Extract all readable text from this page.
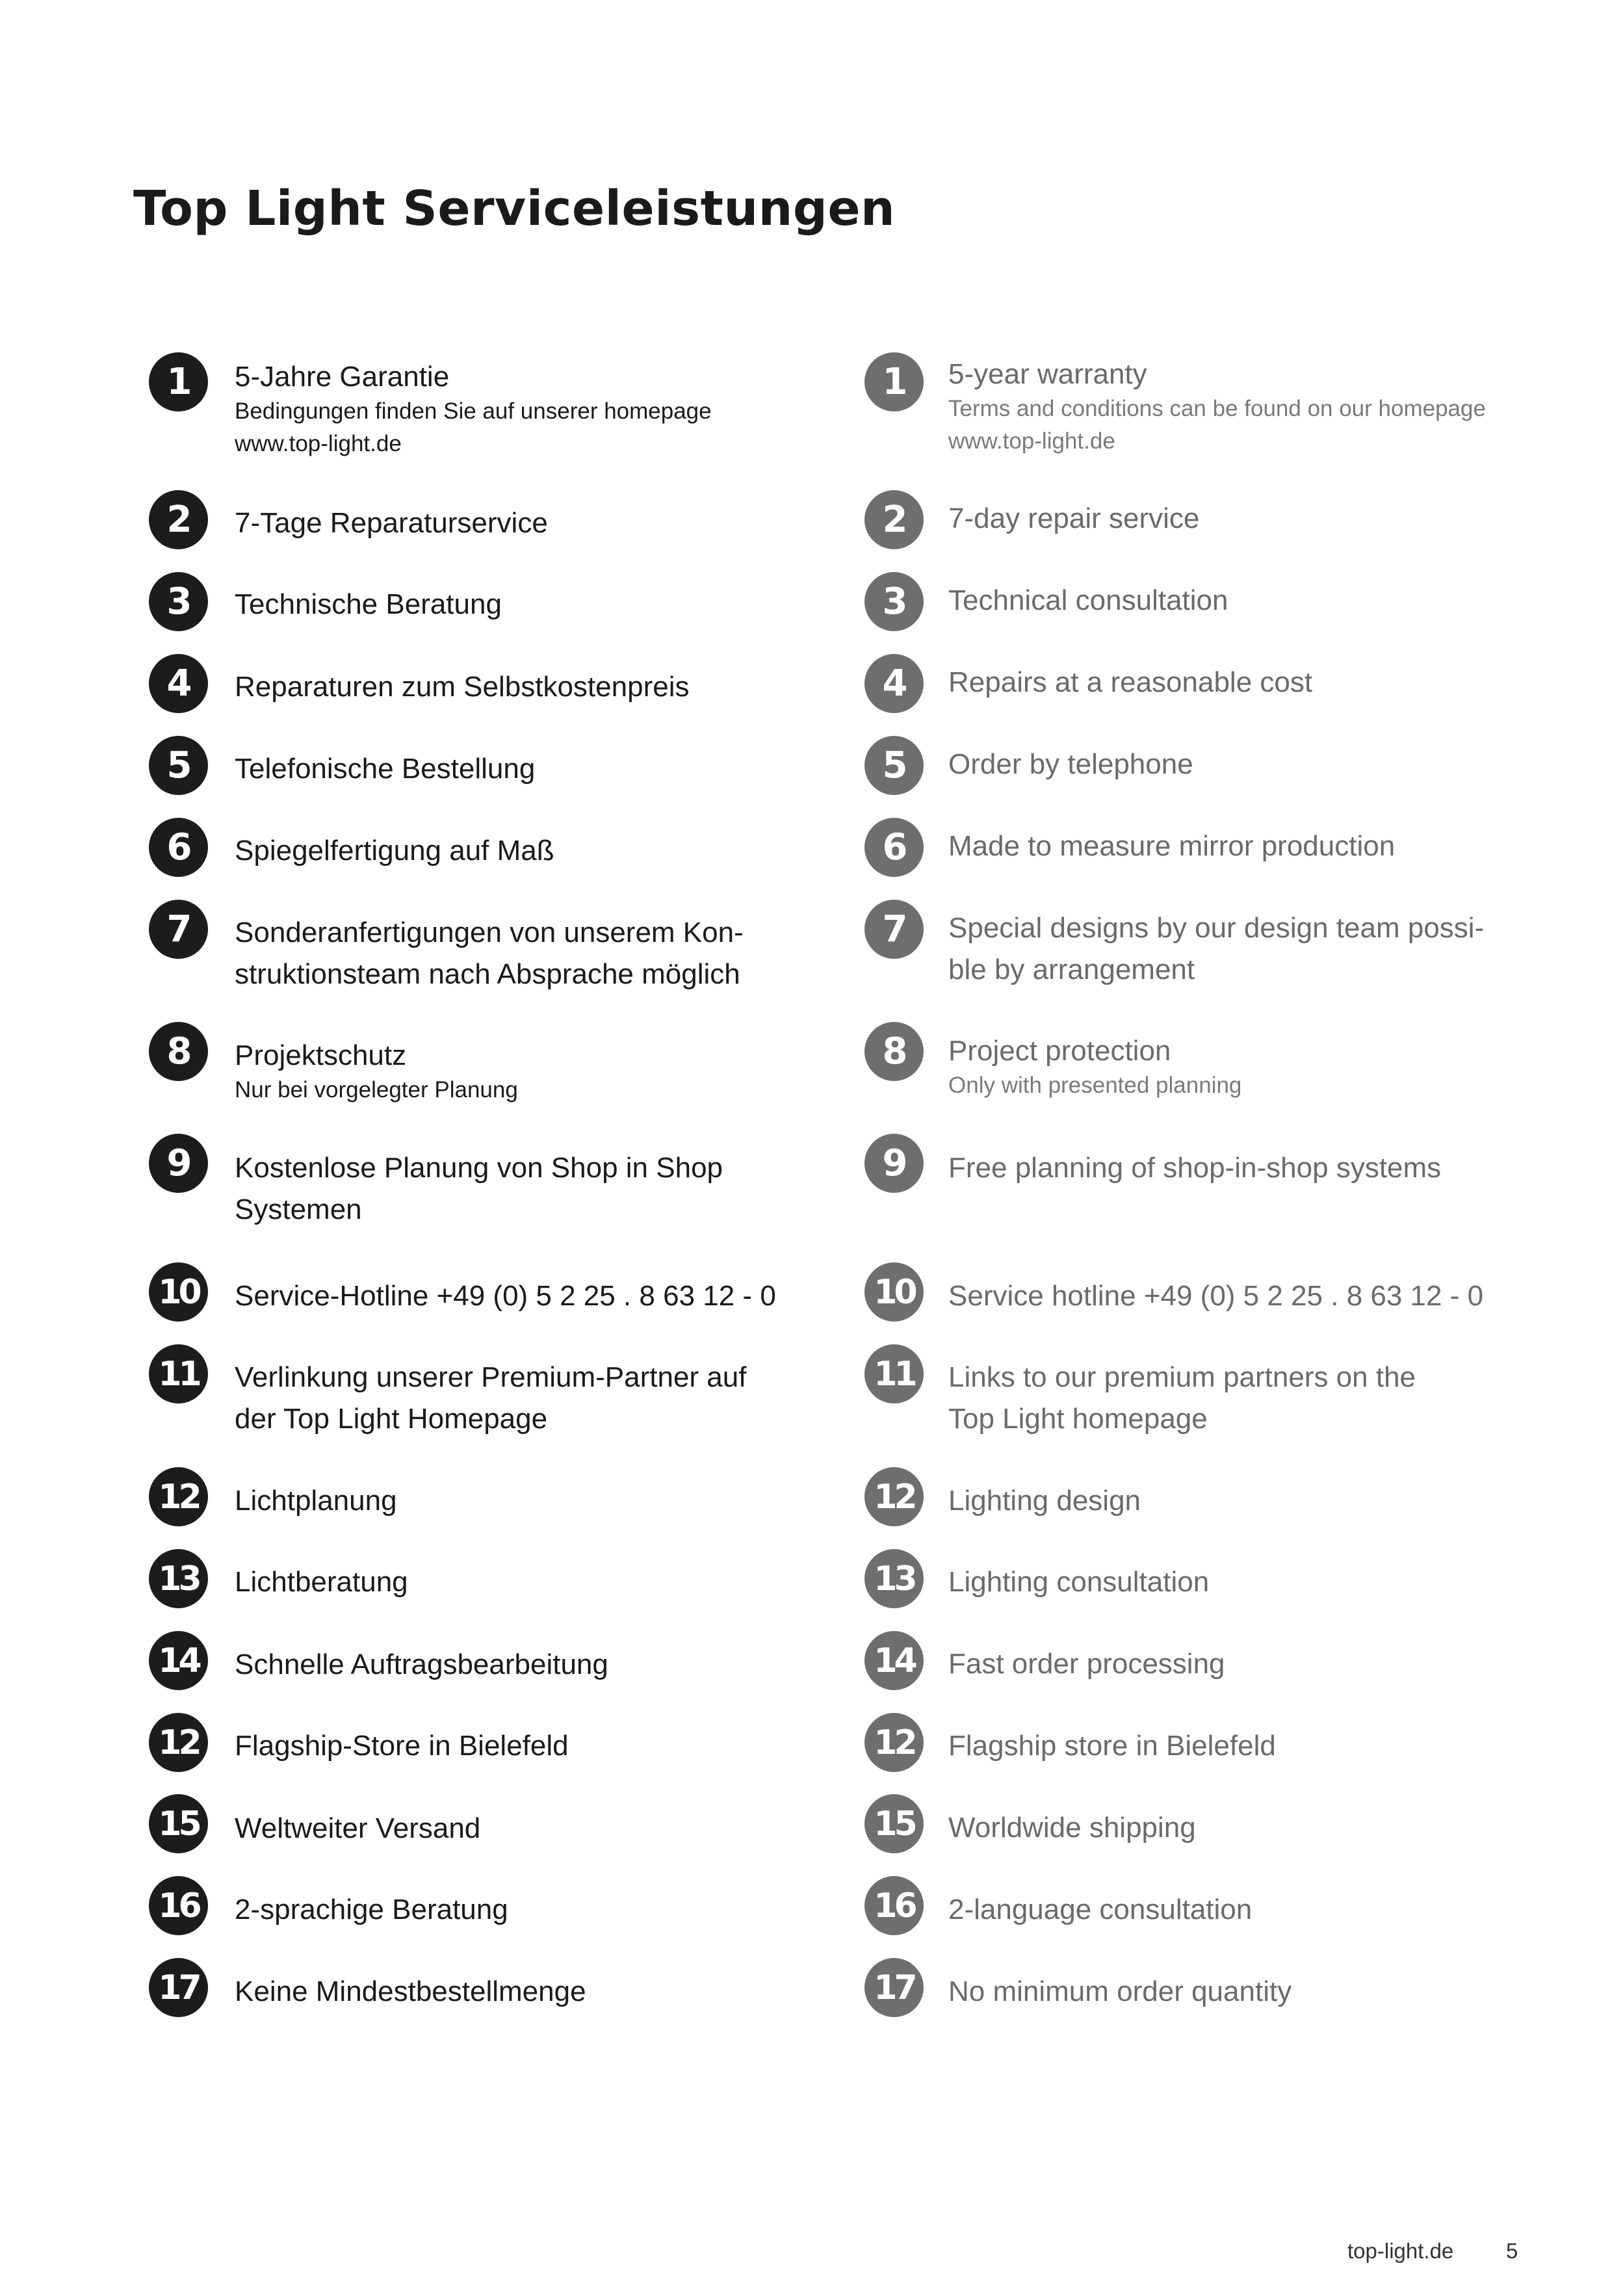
Top Light Serviceleistungen
1	5-Jahre Garantie
Bedingungen finden Sie auf unserer homepage
www.top-light.de
2	7-Tage Reparaturservice
3	Technische Beratung
4	Reparaturen zum Selbstkostenpreis
5	Telefonische Bestellung
6	Spiegelfertigung auf Maß
7	Sonderanfertigungen von unserem Kon-
struktionsteam nach Absprache möglich
8	Projektschutz
Nur bei vorgelegter Planung
9	Kostenlose Planung von Shop in Shop
Systemen
10	Service-Hotline +49 (0) 5 2 25 . 8 63 12 - 0
11	Verlinkung unserer Premium-Partner auf
der Top Light Homepage
12	Lichtplanung
13	Lichtberatung
14	Schnelle Auftragsbearbeitung
12	Flagship-Store in Bielefeld
15	Weltweiter Versand
16	2-sprachige Beratung
17	Keine Mindestbestellmenge
1	5-year warranty
Terms and conditions can be found on our homepage
www.top-light.de
2	7-day repair service
3	Technical consultation
4	Repairs at a reasonable cost
5	Order by telephone
6	Made to measure mirror production
7	Special designs by our design team possi-
ble by arrangement
8	Project protection
Only with presented planning
9	Free planning of shop-in-shop systems
10	Service hotline +49 (0) 5 2 25 . 8 63 12 - 0
11	Links to our premium partners on the
Top Light homepage
12	Lighting design
13	Lighting consultation
14	Fast order processing
12	Flagship store in Bielefeld
15	Worldwide shipping
16	2-language consultation
17	No minimum order quantity
top-light.de 5
